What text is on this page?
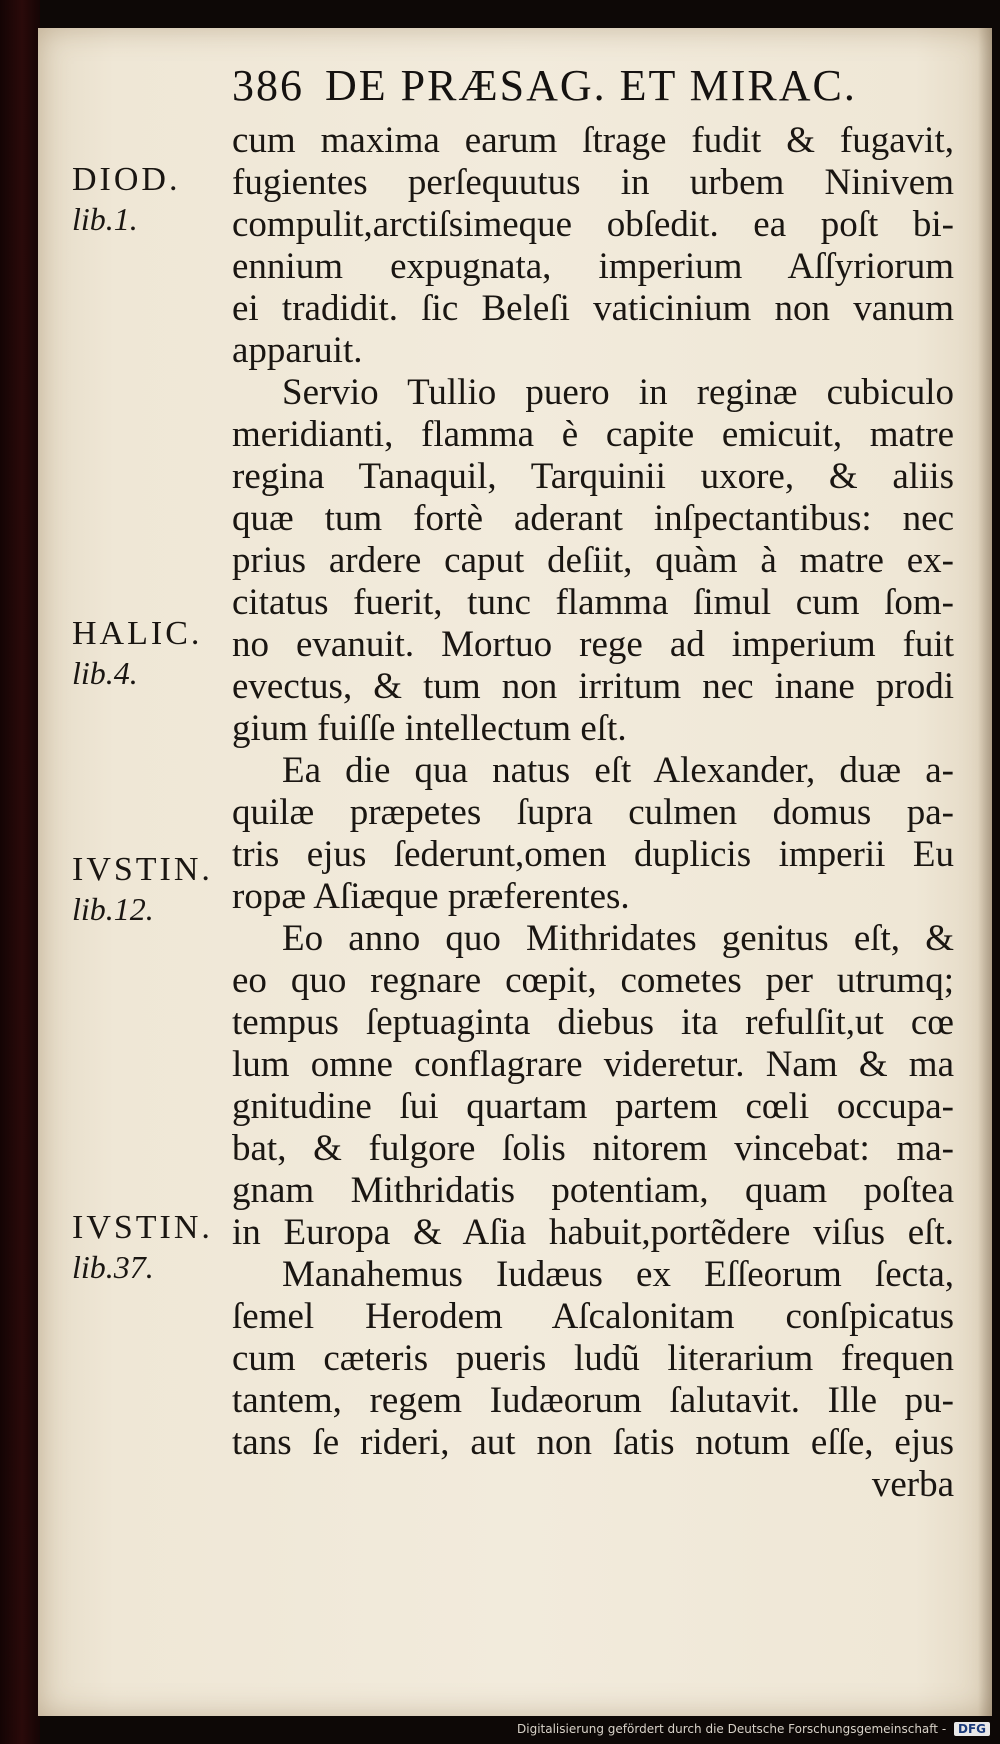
386 DE PRÆSAG. ET MIRAC.
DIOD.
lib.1.
HALIC.
lib.4.
IVSTIN.
lib.12.
IVSTIN.
lib.37.
cum maxima earum ſtrage fudit & fugavit,
fugientes perſequutus in urbem Ninivem
compulit,arctiſsimeque obſedit. ea poſt bi-
ennium expugnata, imperium Aſſyriorum
ei tradidit. ſic Beleſi vaticinium non vanum
apparuit.
Servio Tullio puero in reginæ cubiculo
meridianti, flamma è capite emicuit, matre
regina Tanaquil, Tarquinii uxore, & aliis
quæ tum fortè aderant inſpectantibus: nec
prius ardere caput deſiit, quàm à matre ex-
citatus fuerit, tunc flamma ſimul cum ſom-
no evanuit. Mortuo rege ad imperium fuit
evectus, & tum non irritum nec inane prodi
gium fuiſſe intellectum eſt.
Ea die qua natus eſt Alexander, duæ a-
quilæ præpetes ſupra culmen domus pa-
tris ejus ſederunt,omen duplicis imperii Eu
ropæ Aſiæque præferentes.
Eo anno quo Mithridates genitus eſt, &
eo quo regnare cœpit, cometes per utrumq;
tempus ſeptuaginta diebus ita refulſit,ut cœ
lum omne conflagrare videretur. Nam & ma
gnitudine ſui quartam partem cœli occupa-
bat, & fulgore ſolis nitorem vincebat: ma-
gnam Mithridatis potentiam, quam poſtea
in Europa & Aſia habuit,portẽdere viſus eſt.
Manahemus Iudæus ex Eſſeorum ſecta,
ſemel Herodem Aſcalonitam conſpicatus
cum cæteris pueris ludũ literarium frequen
tantem, regem Iudæorum ſalutavit. Ille pu-
tans ſe rideri, aut non ſatis notum eſſe, ejus
verba
Digitalisierung gefördert durch die Deutsche Forschungsgemeinschaft - DFG
